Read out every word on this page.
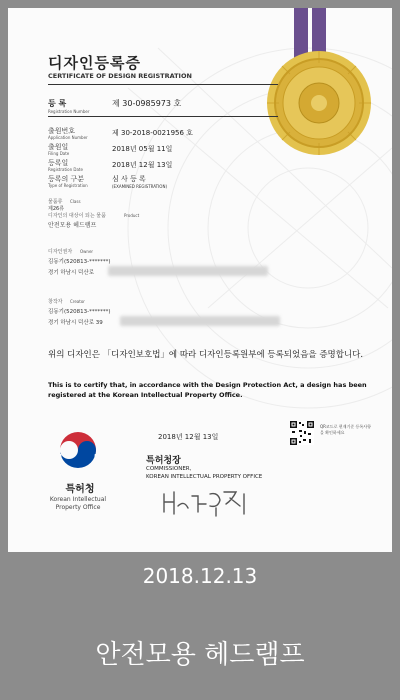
디자인등록증
CERTIFICATE OF DESIGN REGISTRATION
등 록
Registration Number
제 30-0985973 호
출원번호
Application Number
제 30-2018-0021956 호
출원일
Filing Date
2018년 05월 11일
등록일
Registration Date
2018년 12월 13일
등록의 구분
Type of Registration
심 사 등 록
(EXAMINED REGISTRATION)
물품류 Class
제26류
디자인의 대상이 되는 물품	Product
안전모용 헤드램프
디자인권자 Owner
김동기(520813-*******)
경기 하남시 덕산로
창작자 Creator
김동기(520813-*******)
경기 하남시 덕산로 39
위의 디자인은 「디자인보호법」에 따라 디자인등록원부에 등록되었음을 증명합니다.
This is to certify that, in accordance with the Design Protection Act, a design has been registered at the Korean Intellectual Property Office.
특허청
Korean Intellectual Property Office
2018년 12월 13일
특허청장
COMMISSIONER,
KOREAN INTELLECTUAL PROPERTY OFFICE
QR코드로 현재기준 등록사항을 확인하세요
2018.12.13
안전모용 헤드램프
